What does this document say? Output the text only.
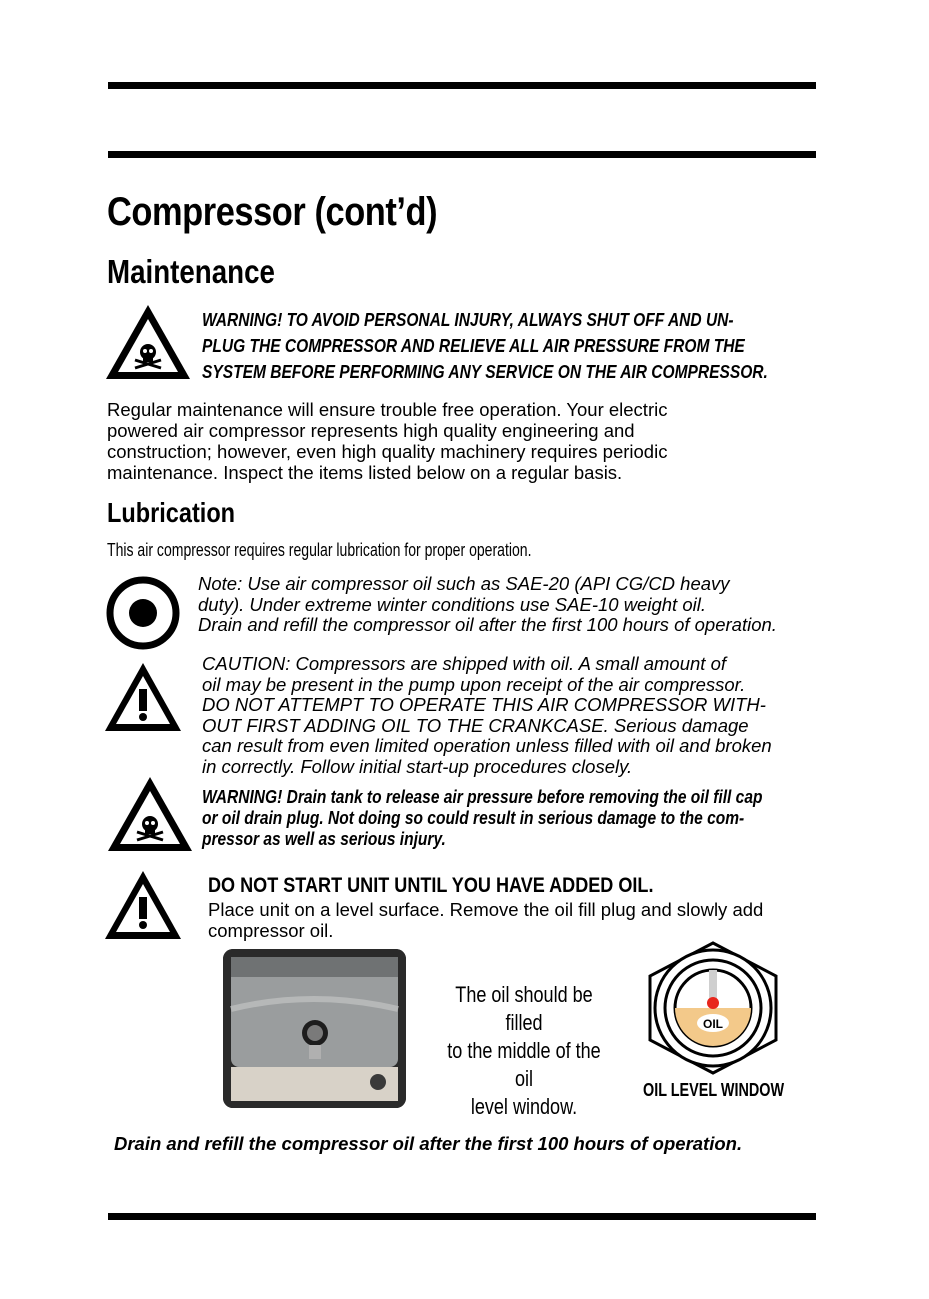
Compressor (cont’d)
Maintenance
WARNING! TO AVOID PERSONAL INJURY, ALWAYS SHUT OFF AND UN-
PLUG THE COMPRESSOR AND RELIEVE ALL AIR PRESSURE FROM THE
SYSTEM BEFORE PERFORMING ANY SERVICE ON THE AIR COMPRESSOR.
Regular maintenance will ensure trouble free operation. Your electric
powered air compressor represents high quality engineering and
construction; however, even high quality machinery requires periodic
maintenance. Inspect the items listed below on a regular basis.
Lubrication
This air compressor requires regular lubrication for proper operation.
Note: Use air compressor oil such as SAE-20 (API CG/CD heavy
duty). Under extreme winter conditions use SAE-10 weight oil.
Drain and refill the compressor oil after the first 100 hours of operation.
CAUTION: Compressors are shipped with oil. A small amount of
oil may be present in the pump upon receipt of the air compressor.
DO NOT ATTEMPT TO OPERATE THIS AIR COMPRESSOR WITH-
OUT FIRST ADDING OIL TO THE CRANKCASE. Serious damage
can result from even limited operation unless filled with oil and broken
in correctly. Follow initial start-up procedures closely.
WARNING! Drain tank to release air pressure before removing the oil fill cap
or oil drain plug. Not doing so could result in serious damage to the com-
pressor as well as serious injury.
DO NOT START UNIT UNTIL YOU HAVE ADDED OIL.
Place unit on a level surface. Remove the oil fill plug and slowly add
compressor oil.
The oil should be filled
to the middle of the oil
level window.
OIL
OIL LEVEL WINDOW
Drain and refill the compressor oil after the first 100 hours of operation.
